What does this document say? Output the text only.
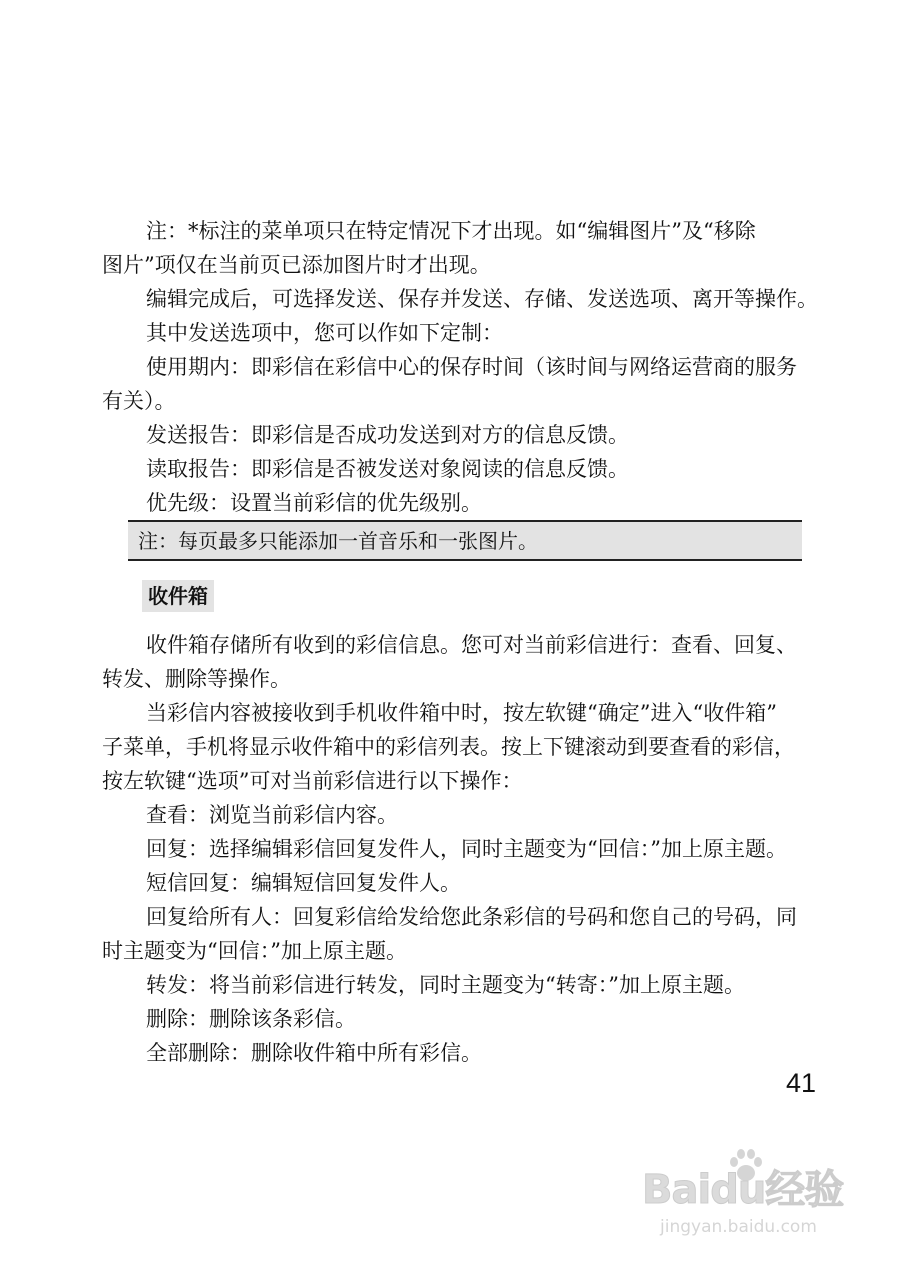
注：*标注的菜单项只在特定情况下才出现。如“编辑图片”及“移除
图片”项仅在当前页已添加图片时才出现。
编辑完成后，可选择发送、保存并发送、存储、发送选项、离开等操作。
其中发送选项中，您可以作如下定制：
使用期内：即彩信在彩信中心的保存时间（该时间与网络运营商的服务
有关）。
发送报告：即彩信是否成功发送到对方的信息反馈。
读取报告：即彩信是否被发送对象阅读的信息反馈。
优先级：设置当前彩信的优先级别。
注：每页最多只能添加一首音乐和一张图片。
收件箱
收件箱存储所有收到的彩信信息。您可对当前彩信进行：查看、回复、
转发、删除等操作。
当彩信内容被接收到手机收件箱中时，按左软键“确定”进入“收件箱”
子菜单，手机将显示收件箱中的彩信列表。按上下键滚动到要查看的彩信，
按左软键“选项”可对当前彩信进行以下操作：
查看：浏览当前彩信内容。
回复：选择编辑彩信回复发件人，同时主题变为“回信：”加上原主题。
短信回复：编辑短信回复发件人。
回复给所有人：回复彩信给发给您此条彩信的号码和您自己的号码，同
时主题变为“回信：”加上原主题。
转发：将当前彩信进行转发，同时主题变为“转寄：”加上原主题。
删除：删除该条彩信。
全部删除：删除收件箱中所有彩信。
41
Baidu经验
jingyan.baidu.com
